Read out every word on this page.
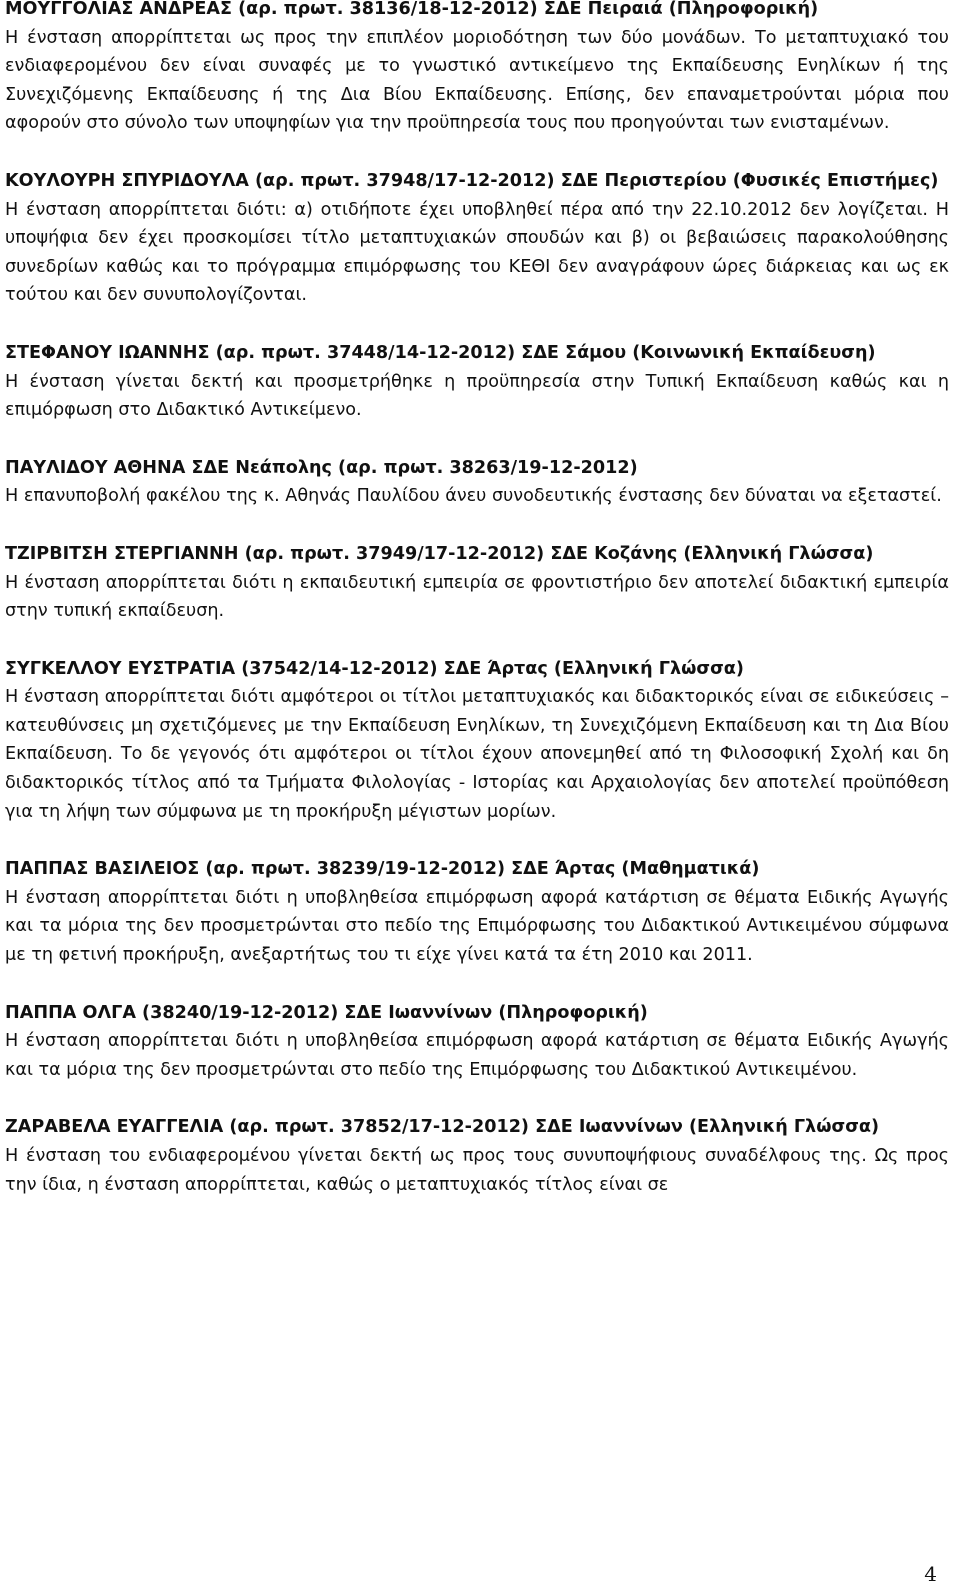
ΜΟΥΓΓΟΛΙΑΣ ΑΝΔΡΕΑΣ (αρ. πρωτ. 38136/18-12-2012) ΣΔΕ Πειραιά (Πληροφορική)

Η ένσταση απορρίπτεται ως προς την επιπλέον μοριοδότηση των δύο μονάδων. Το μεταπτυχιακό του ενδιαφερομένου δεν είναι συναφές με το γνωστικό αντικείμενο της Εκπαίδευσης Ενηλίκων ή της Συνεχιζόμενης Εκπαίδευσης ή της Δια Βίου Εκπαίδευσης. Επίσης, δεν επαναμετρούνται μόρια που αφορούν στο σύνολο των υποψηφίων για την προϋπηρεσία τους που προηγούνται των ενισταμένων.

ΚΟΥΛΟΥΡΗ ΣΠΥΡΙΔΟΥΛΑ (αρ. πρωτ. 37948/17-12-2012) ΣΔΕ Περιστερίου (Φυσικές Επιστήμες)

Η ένσταση απορρίπτεται διότι: α) οτιδήποτε έχει υποβληθεί πέρα από την 22.10.2012 δεν λογίζεται. Η υποψήφια δεν έχει προσκομίσει τίτλο μεταπτυχιακών σπουδών και β) οι βεβαιώσεις παρακολούθησης συνεδρίων καθώς και το πρόγραμμα επιμόρφωσης του ΚΕΘΙ δεν αναγράφουν ώρες διάρκειας και ως εκ τούτου και δεν συνυπολογίζονται.

ΣΤΕΦΑΝΟΥ ΙΩΑΝΝΗΣ (αρ. πρωτ. 37448/14-12-2012) ΣΔΕ Σάμου (Κοινωνική Εκπαίδευση)

Η ένσταση γίνεται δεκτή και προσμετρήθηκε η προϋπηρεσία στην Τυπική Εκπαίδευση καθώς και η επιμόρφωση στο Διδακτικό Αντικείμενο.

ΠΑΥΛΙΔΟΥ ΑΘΗΝΑ ΣΔΕ Νεάπολης (αρ. πρωτ. 38263/19-12-2012)

Η επανυποβολή φακέλου της κ. Αθηνάς Παυλίδου άνευ συνοδευτικής ένστασης δεν δύναται να εξεταστεί.

ΤΖΙΡΒΙΤΣΗ ΣΤΕΡΓΙΑΝΝΗ (αρ. πρωτ. 37949/17-12-2012) ΣΔΕ Κοζάνης (Ελληνική Γλώσσα)

Η ένσταση απορρίπτεται διότι η εκπαιδευτική εμπειρία σε φροντιστήριο δεν αποτελεί διδακτική εμπειρία στην τυπική εκπαίδευση.

ΣΥΓΚΕΛΛΟΥ ΕΥΣΤΡΑΤΙΑ (37542/14-12-2012) ΣΔΕ Άρτας (Ελληνική Γλώσσα)

Η ένσταση απορρίπτεται διότι αμφότεροι οι τίτλοι μεταπτυχιακός και διδακτορικός είναι σε ειδικεύσεις – κατευθύνσεις μη σχετιζόμενες με την Εκπαίδευση Ενηλίκων, τη Συνεχιζόμενη Εκπαίδευση και τη Δια Βίου Εκπαίδευση. Το δε γεγονός ότι αμφότεροι οι τίτλοι έχουν απονεμηθεί από τη Φιλοσοφική Σχολή και δη διδακτορικός τίτλος από τα Τμήματα Φιλολογίας - Ιστορίας και Αρχαιολογίας δεν αποτελεί προϋπόθεση για τη λήψη των σύμφωνα με τη προκήρυξη μέγιστων μορίων.

ΠΑΠΠΑΣ ΒΑΣΙΛΕΙΟΣ (αρ. πρωτ. 38239/19-12-2012) ΣΔΕ Άρτας (Μαθηματικά)

Η ένσταση απορρίπτεται διότι η υποβληθείσα επιμόρφωση αφορά κατάρτιση σε θέματα Ειδικής Αγωγής και τα μόρια της δεν προσμετρώνται στο πεδίο της Επιμόρφωσης του Διδακτικού Αντικειμένου σύμφωνα με τη φετινή προκήρυξη, ανεξαρτήτως του τι είχε γίνει κατά τα έτη 2010 και 2011.

ΠΑΠΠΑ ΟΛΓΑ (38240/19-12-2012) ΣΔΕ Ιωαννίνων (Πληροφορική)

Η ένσταση απορρίπτεται διότι η υποβληθείσα επιμόρφωση αφορά κατάρτιση σε θέματα Ειδικής Αγωγής και τα μόρια της δεν προσμετρώνται στο πεδίο της Επιμόρφωσης του Διδακτικού Αντικειμένου.

ΖΑΡΑΒΕΛΑ ΕΥΑΓΓΕΛΙΑ (αρ. πρωτ. 37852/17-12-2012) ΣΔΕ Ιωαννίνων (Ελληνική Γλώσσα)

Η ένσταση του ενδιαφερομένου γίνεται δεκτή ως προς τους συνυποψήφιους συναδέλφους της. Ως προς την ίδια, η ένσταση απορρίπτεται, καθώς ο μεταπτυχιακός τίτλος είναι σε

4
